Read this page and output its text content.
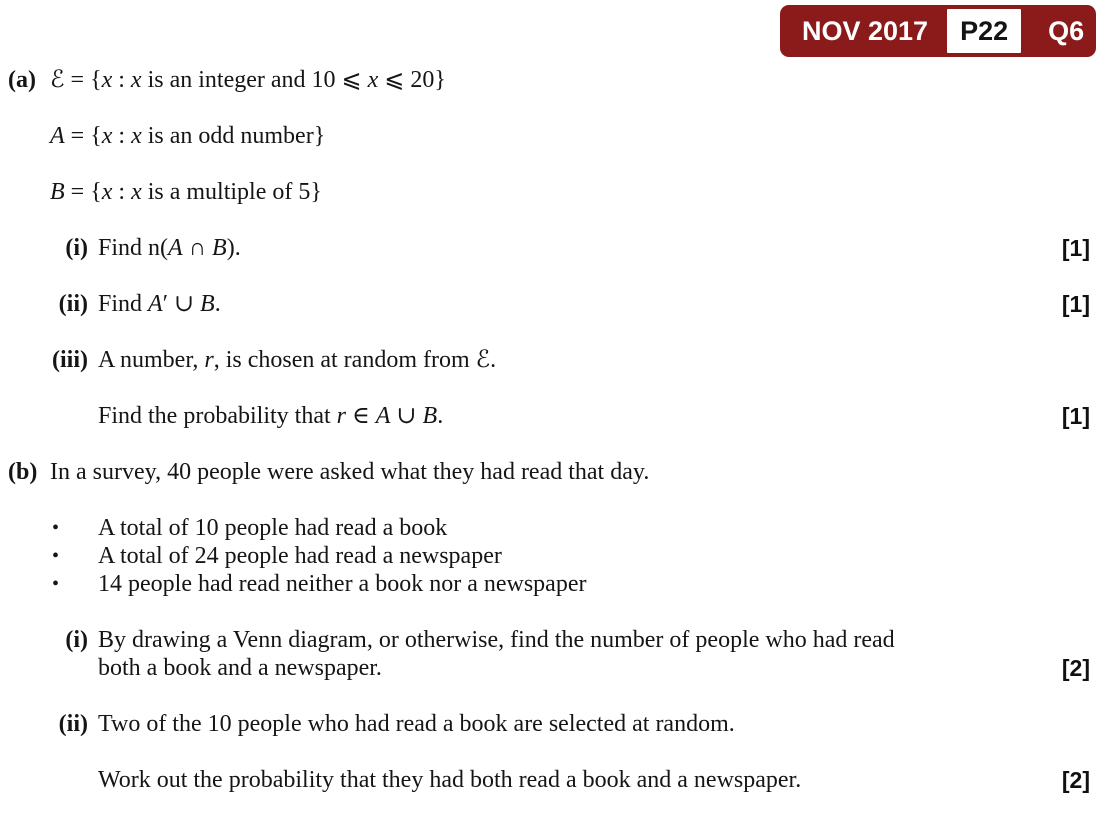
NOV 2017 P22 Q6
(a) ℰ = {x : x is an integer and 10 ⩽ x ⩽ 20}
A = {x : x is an odd number}
B = {x : x is a multiple of 5}
(i) Find n(A ∩ B).	[1]
(ii) Find A′ ∪ B.	[1]
(iii) A number, r, is chosen at random from ℰ.
Find the probability that r ∈ A ∪ B.	[1]
(b) In a survey, 40 people were asked what they had read that day.
•	A total of 10 people had read a book
•	A total of 24 people had read a newspaper
•	14 people had read neither a book nor a newspaper
(i) By drawing a Venn diagram, or otherwise, find the number of people who had read both a book and a newspaper.	[2]
(ii) Two of the 10 people who had read a book are selected at random.
Work out the probability that they had both read a book and a newspaper.	[2]
